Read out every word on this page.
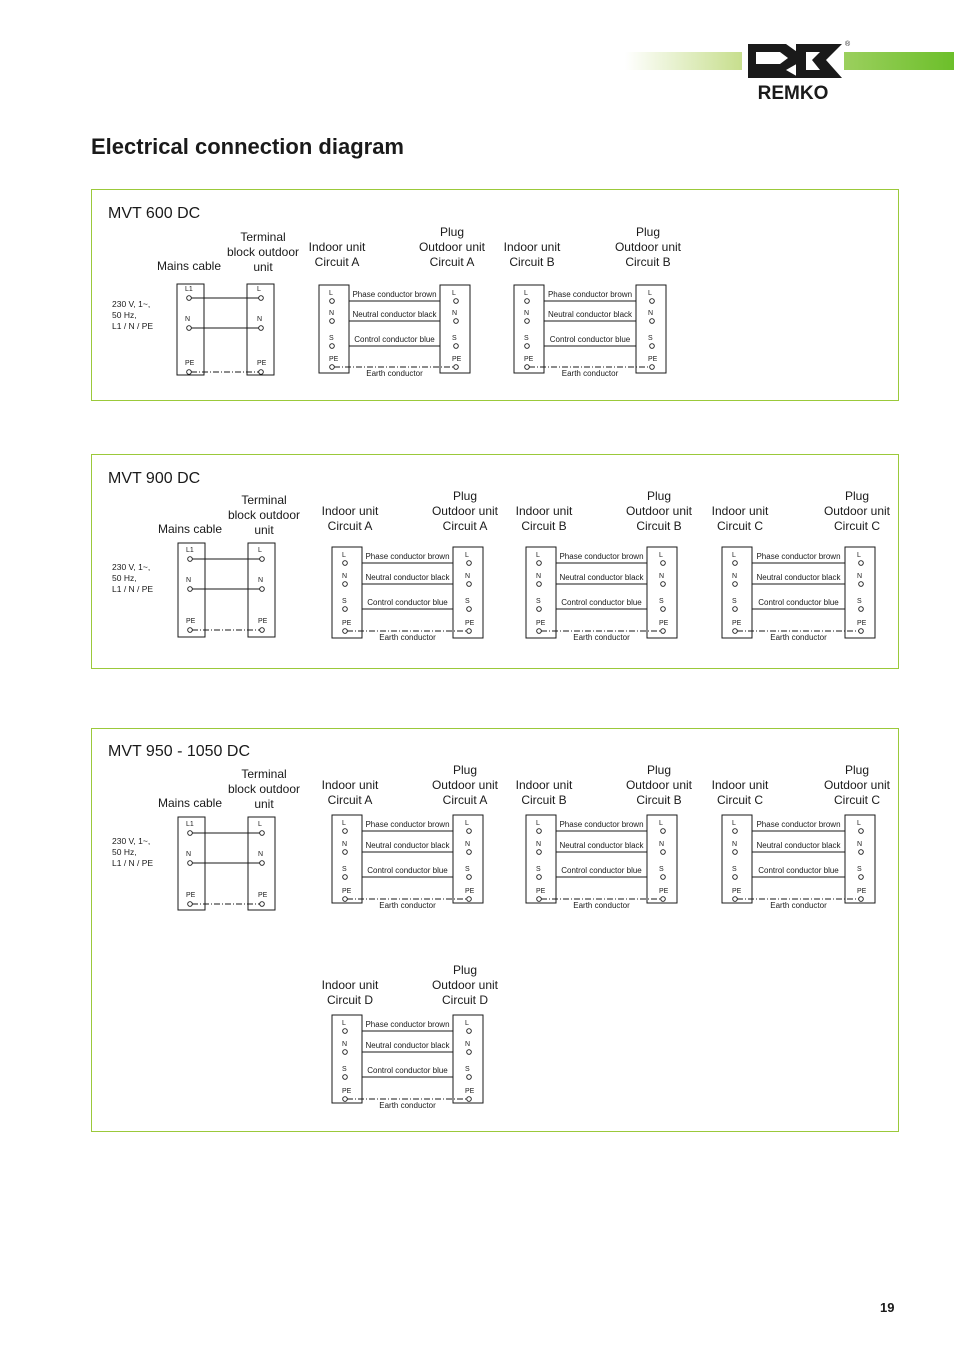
REMKO
®
Electrical connection diagram
MVT 600 DC
Mains cable
Terminal
block outdoor
unit
230 V, 1~,
50 Hz,
L1 / N / PE
L1	L
N	N
PE	PE
Indoor unit
Circuit A
Plug
Outdoor unit
Circuit A
L	L
Phase conductor brown
N	N
Neutral conductor black
S	S
Control conductor blue
PE	PE
Earth conductor
Indoor unit
Circuit B
Plug
Outdoor unit
Circuit B
L	L
Phase conductor brown
N	N
Neutral conductor black
S	S
Control conductor blue
PE	PE
Earth conductor
MVT 900 DC
Mains cable
Terminal
block outdoor
unit
230 V, 1~,
50 Hz,
L1 / N / PE
L1	L
N	N
PE	PE
Indoor unit
Circuit A
Plug
Outdoor unit
Circuit A
L	L
Phase conductor brown
N	N
Neutral conductor black
S	S
Control conductor blue
PE	PE
Earth conductor
Indoor unit
Circuit B
Plug
Outdoor unit
Circuit B
L	L
Phase conductor brown
N	N
Neutral conductor black
S	S
Control conductor blue
PE	PE
Earth conductor
Indoor unit
Circuit C
Plug
Outdoor unit
Circuit C
L	L
Phase conductor brown
N	N
Neutral conductor black
S	S
Control conductor blue
PE	PE
Earth conductor
MVT 950 - 1050 DC
Mains cable
Terminal
block outdoor
unit
230 V, 1~,
50 Hz,
L1 / N / PE
L1	L
N	N
PE	PE
Indoor unit
Circuit A
Plug
Outdoor unit
Circuit A
L	L
Phase conductor brown
N	N
Neutral conductor black
S	S
Control conductor blue
PE	PE
Earth conductor
Indoor unit
Circuit B
Plug
Outdoor unit
Circuit B
L	L
Phase conductor brown
N	N
Neutral conductor black
S	S
Control conductor blue
PE	PE
Earth conductor
Indoor unit
Circuit C
Plug
Outdoor unit
Circuit C
L	L
Phase conductor brown
N	N
Neutral conductor black
S	S
Control conductor blue
PE	PE
Earth conductor
Indoor unit
Circuit D
Plug
Outdoor unit
Circuit D
L	L
Phase conductor brown
N	N
Neutral conductor black
S	S
Control conductor blue
PE	PE
Earth conductor
19
